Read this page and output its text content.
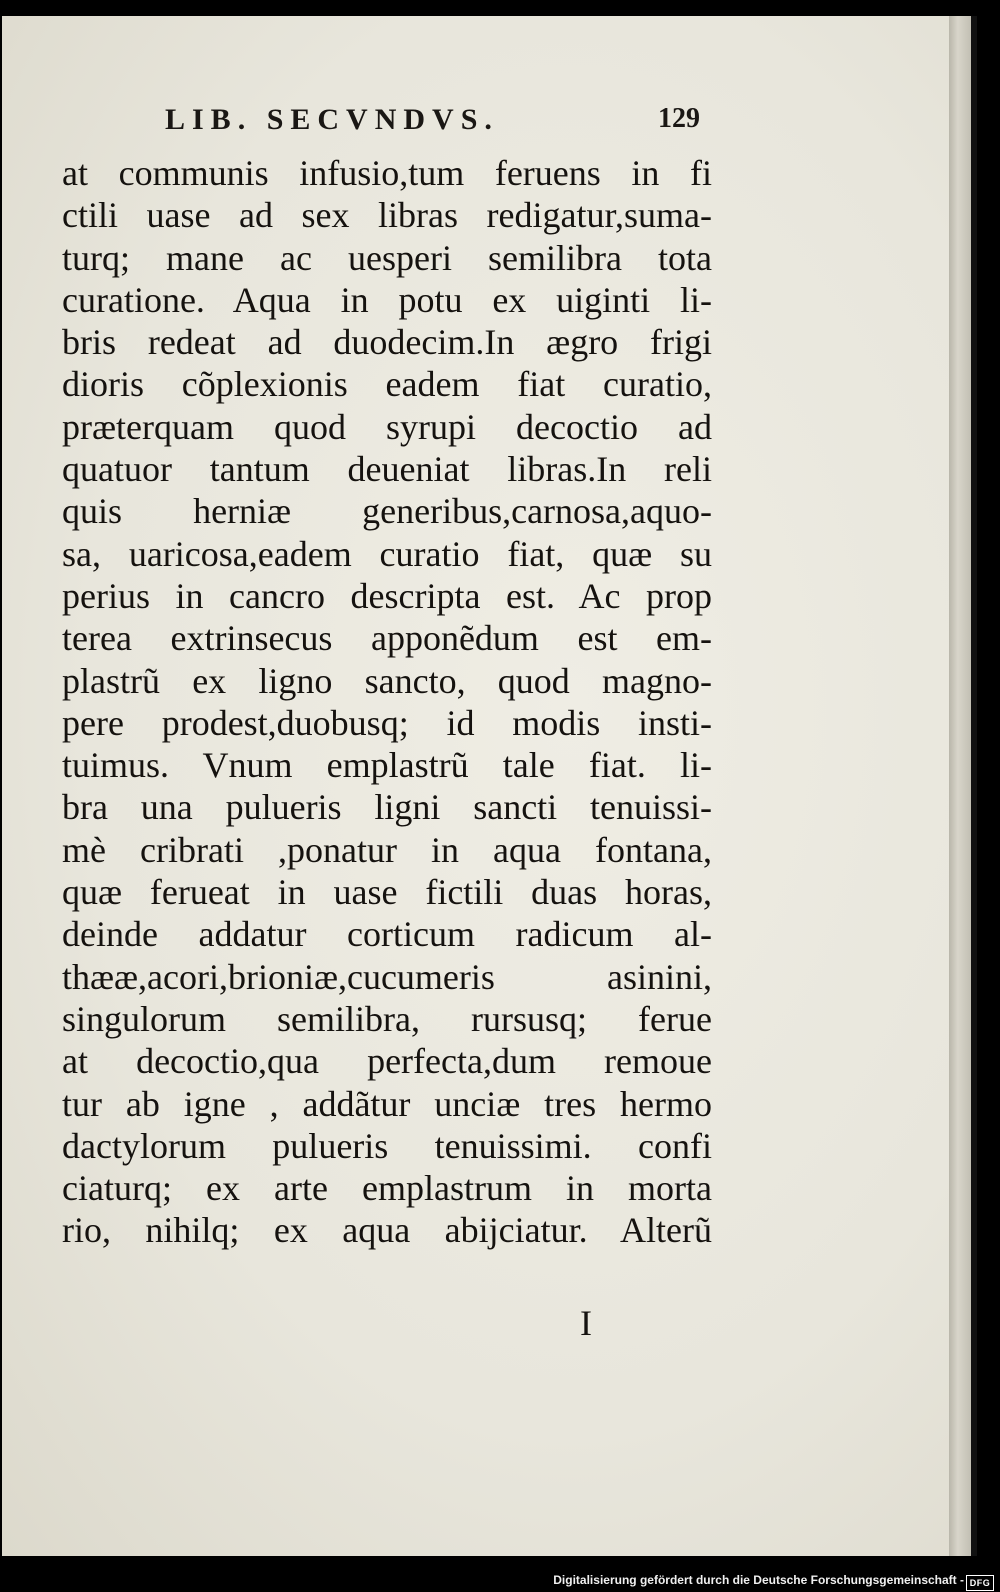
LIB. SECVNDVS.	129
at communis infusio,tum feruens in fi
ctili uase ad sex libras redigatur,suma-
turq; mane ac uesperi semilibra tota
curatione. Aqua in potu ex uiginti li-
bris redeat ad duodecim.In ægro frigi
dioris cõplexionis eadem fiat curatio,
præterquam quod syrupi decoctio ad
quatuor tantum deueniat libras.In reli
quis herniæ generibus,carnosa,aquo-
sa, uaricosa,eadem curatio fiat, quæ su
perius in cancro descripta est. Ac prop
terea extrinsecus apponẽdum est em-
plastrũ ex ligno sancto, quod magno-
pere prodest,duobusq; id modis insti-
tuimus. Vnum emplastrũ tale fiat. li-
bra una pulueris ligni sancti tenuissi-
mè cribrati ,ponatur in aqua fontana,
quæ ferueat in uase fictili duas horas,
deinde addatur corticum radicum al-
thææ,acori,brioniæ,cucumeris asinini,
singulorum semilibra, rursusq; ferue
at decoctio,qua perfecta,dum remoue
tur ab igne , addãtur unciæ tres hermo
dactylorum pulueris tenuissimi. confi
ciaturq; ex arte emplastrum in morta
rio, nihilq; ex aqua abijciatur. Alterũ
I
Digitalisierung gefördert durch die Deutsche Forschungsgemeinschaft - DFG
